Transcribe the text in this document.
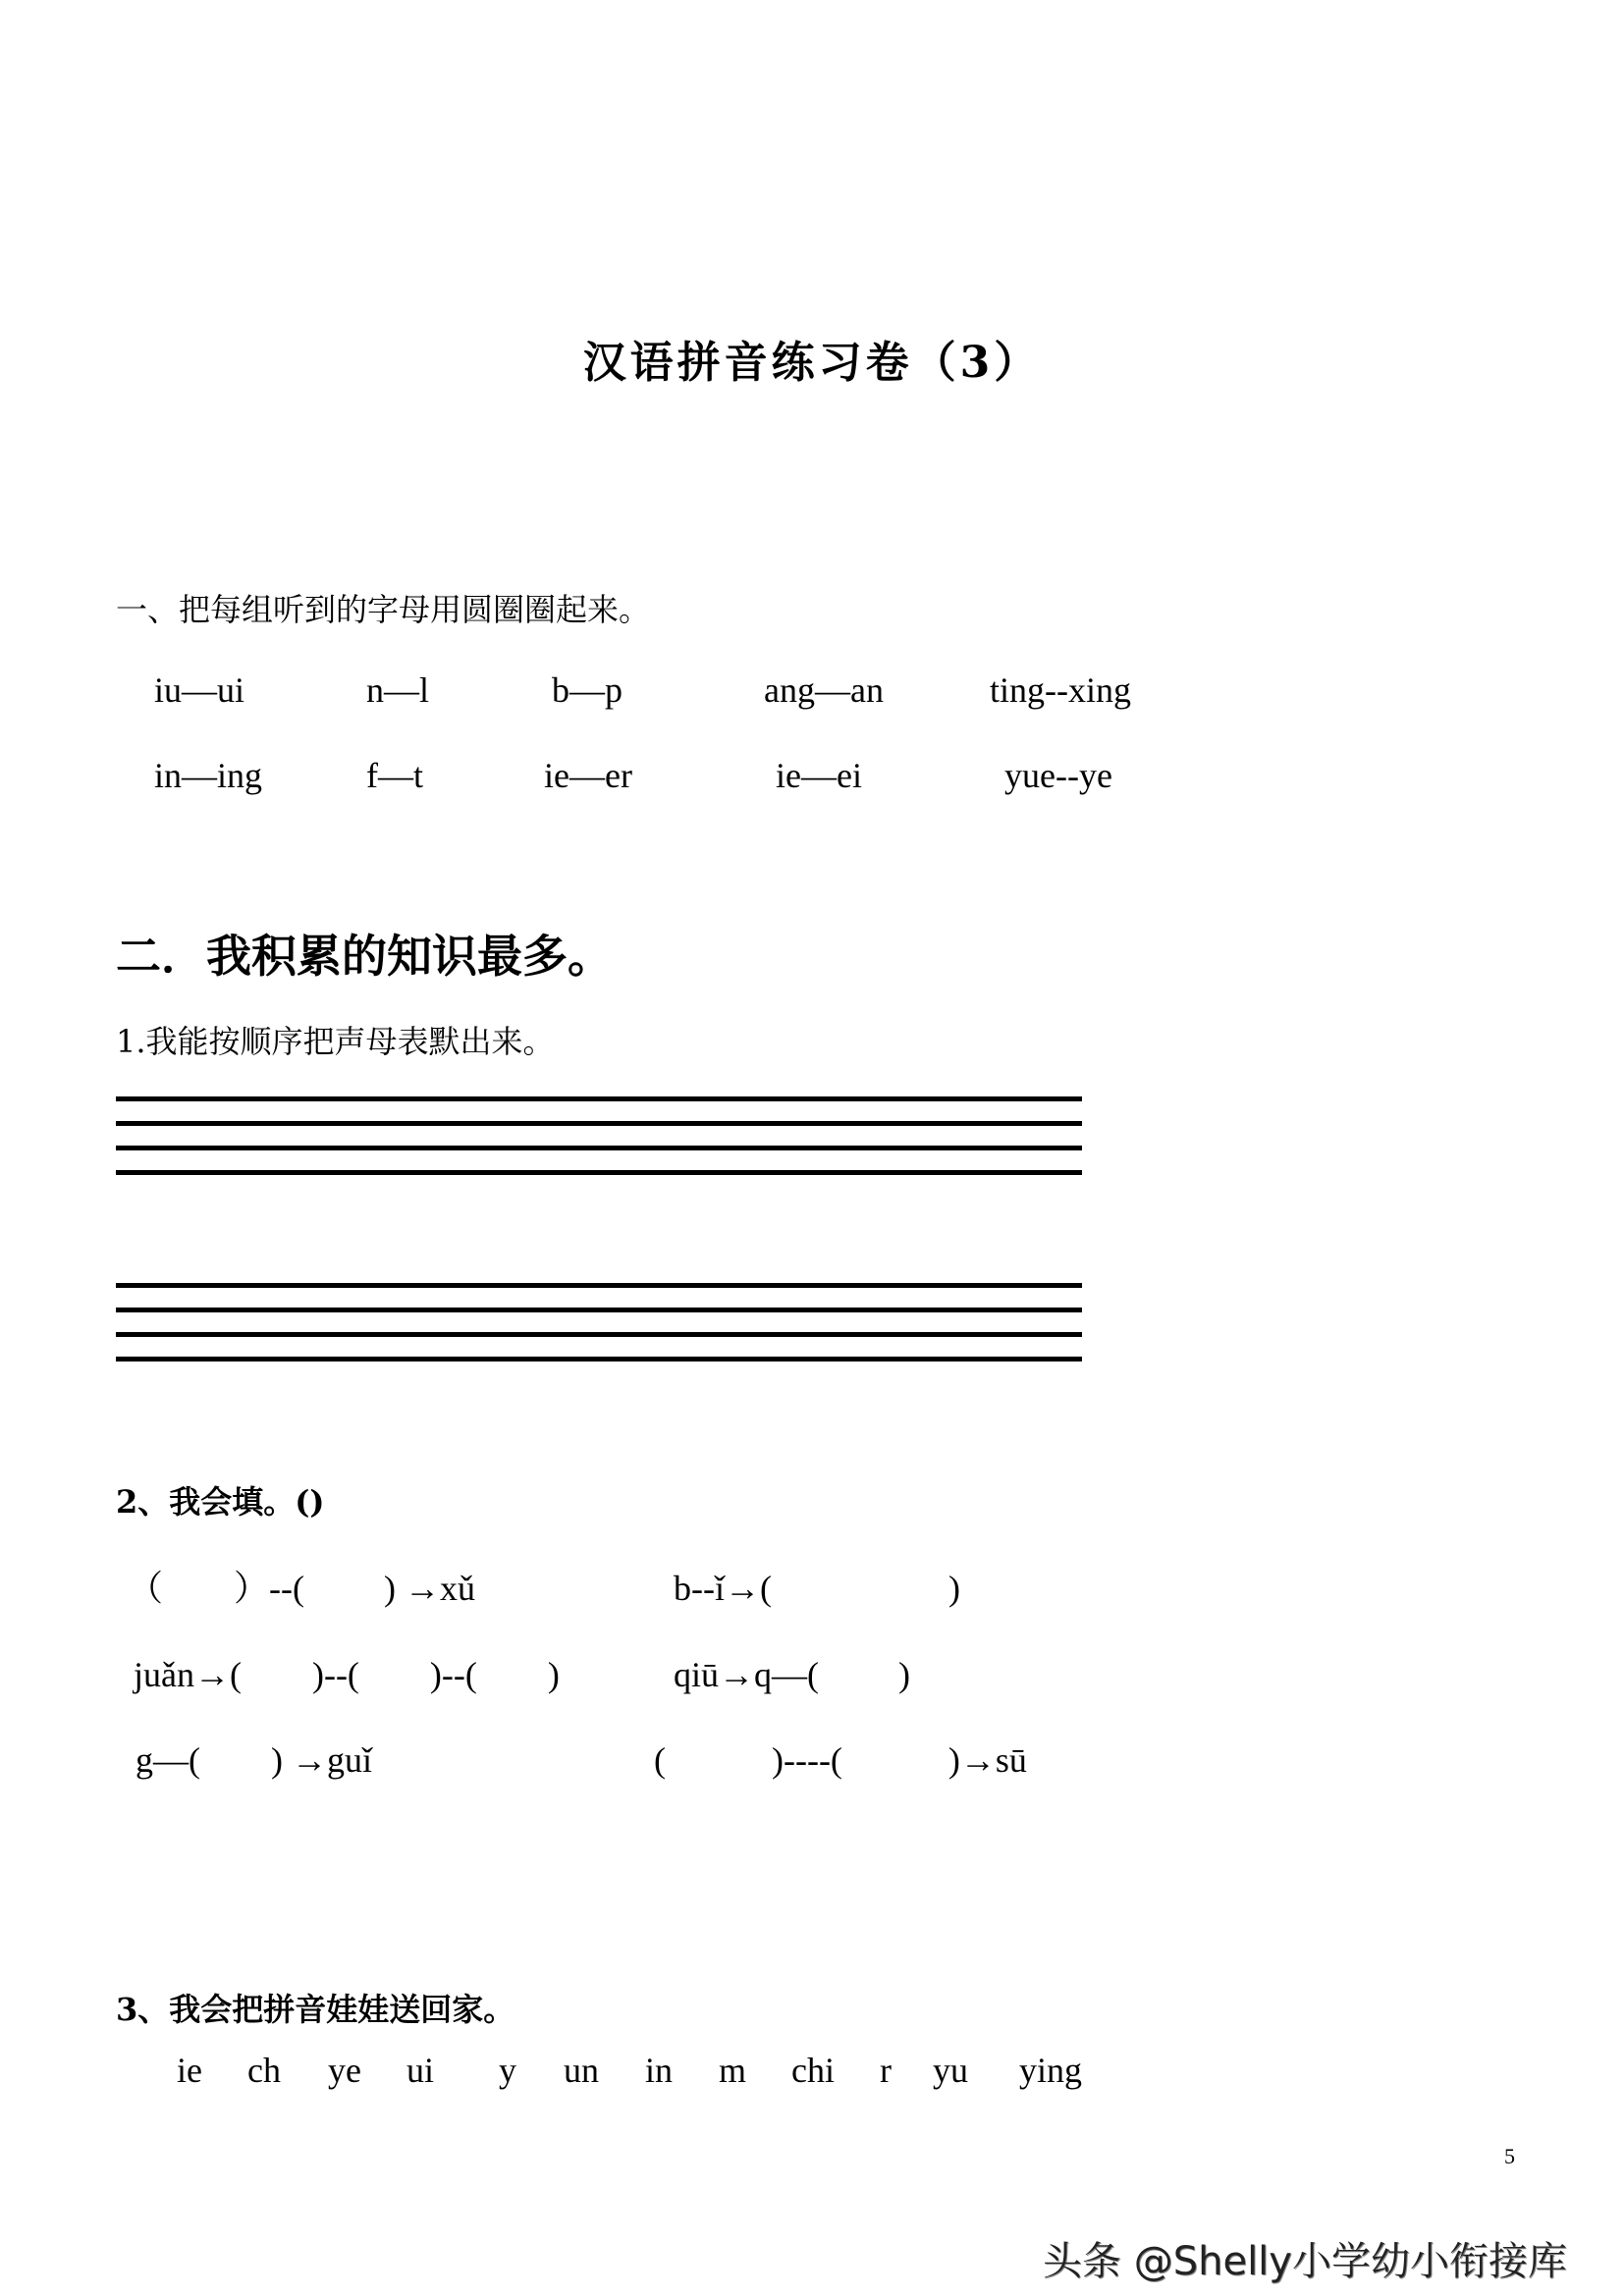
汉语拼音练习卷（3）
一、把每组听到的字母用圆圈圈起来。
iu—ui	n—l	b—p	ang—an	ting--xing
in—ing	f—t	ie—er	ie—ei	yue--ye
二．我积累的知识最多。
1.我能按顺序把声母表默出来。
2、我会填。()
（　　）--(　　 ) →xǔ	b--ǐ→(　　　　　)
juǎn→(　　)--(　　)--(　　)	qiū→q—(　　 )
g—(　　) →guǐ	(　　　)----(　　　)→sū
3、我会把拼音娃娃送回家。
ie ch ye ui y un in m chi r yu ying
5
头条 @Shelly小学幼小衔接库
